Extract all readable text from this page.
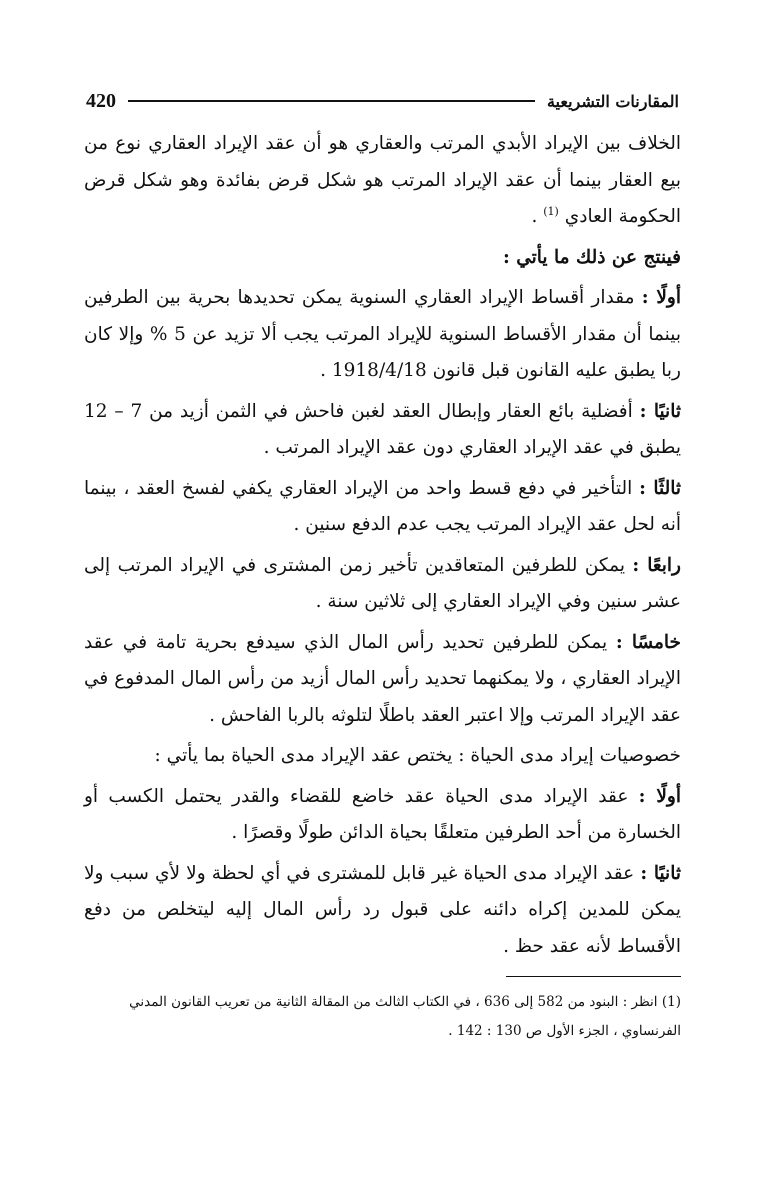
المقارنات التشريعية
420

الخلاف بين الإيراد الأبدي المرتب والعقاري هو أن عقد الإيراد العقاري نوع من بيع العقار بينما أن عقد الإيراد المرتب هو شكل قرض بفائدة وهو شكل قرض الحكومة العادي $^{(1)}$ .

فينتج عن ذلك ما يأتي :

أولًا : مقدار أقساط الإيراد العقاري السنوية يمكن تحديدها بحرية بين الطرفين بينما أن مقدار الأقساط السنوية للإيراد المرتب يجب ألا تزيد عن 5 % وإلا كان ربا يطبق عليه القانون قبل قانون 1918/4/18 .

ثانيًا : أفضلية بائع العقار وإبطال العقد لغبن فاحش في الثمن أزيد من 7 – 12 يطبق في عقد الإيراد العقاري دون عقد الإيراد المرتب .

ثالثًا : التأخير في دفع قسط واحد من الإيراد العقاري يكفي لفسخ العقد ، بينما أنه لحل عقد الإيراد المرتب يجب عدم الدفع سنين .

رابعًا : يمكن للطرفين المتعاقدين تأخير زمن المشترى في الإيراد المرتب إلى عشر سنين وفي الإيراد العقاري إلى ثلاثين سنة .

خامسًا : يمكن للطرفين تحديد رأس المال الذي سيدفع بحرية تامة في عقد الإيراد العقاري ، ولا يمكنهما تحديد رأس المال أزيد من رأس المال المدفوع في عقد الإيراد المرتب وإلا اعتبر العقد باطلًا لتلوثه بالربا الفاحش .

خصوصيات إيراد مدى الحياة : يختص عقد الإيراد مدى الحياة بما يأتي :

أولًا : عقد الإيراد مدى الحياة عقد خاضع للقضاء والقدر يحتمل الكسب أو الخسارة من أحد الطرفين متعلقًا بحياة الدائن طولًا وقصرًا .

ثانيًا : عقد الإيراد مدى الحياة غير قابل للمشترى في أي لحظة ولا لأي سبب ولا يمكن للمدين إكراه دائنه على قبول رد رأس المال إليه ليتخلص من دفع الأقساط لأنه عقد حظ .

(1) انظر : البنود من 582 إلى 636 ، في الكتاب الثالث من المقالة الثانية من تعريب القانون المدني الفرنساوي ، الجزء الأول ص 130 : 142 .
